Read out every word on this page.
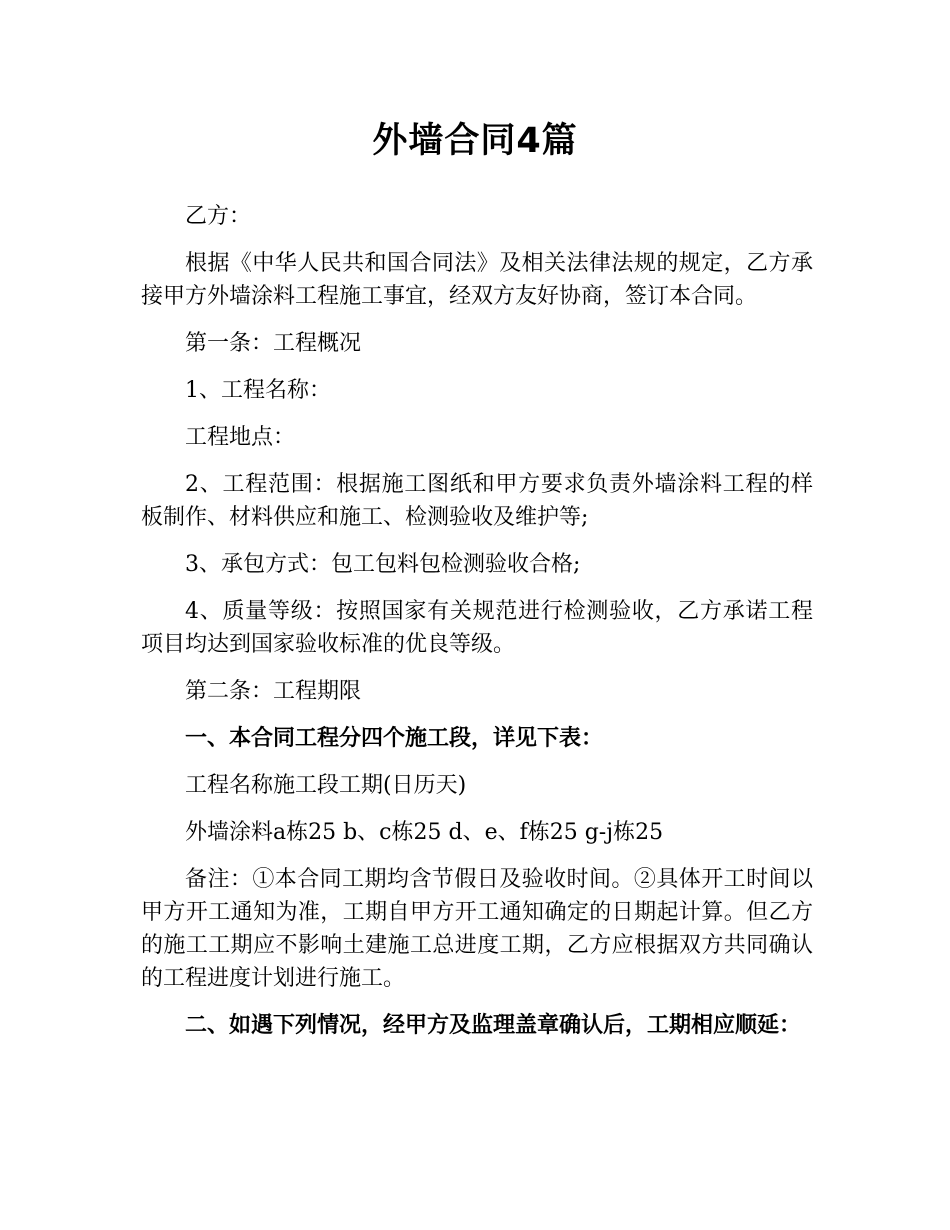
外墙合同4篇

乙方：

根据《中华人民共和国合同法》及相关法律法规的规定，乙方承接甲方外墙涂料工程施工事宜，经双方友好协商，签订本合同。

第一条：工程概况

1、工程名称：

工程地点：

2、工程范围：根据施工图纸和甲方要求负责外墙涂料工程的样板制作、材料供应和施工、检测验收及维护等;

3、承包方式：包工包料包检测验收合格;

4、质量等级：按照国家有关规范进行检测验收，乙方承诺工程项目均达到国家验收标准的优良等级。

第二条：工程期限

一、本合同工程分四个施工段，详见下表：

工程名称施工段工期(日历天)

外墙涂料a栋25 b、c栋25 d、e、f栋25 g-j栋25

备注：①本合同工期均含节假日及验收时间。②具体开工时间以甲方开工通知为准，工期自甲方开工通知确定的日期起计算。但乙方的施工工期应不影响土建施工总进度工期，乙方应根据双方共同确认的工程进度计划进行施工。

二、如遇下列情况，经甲方及监理盖章确认后，工期相应顺延：
